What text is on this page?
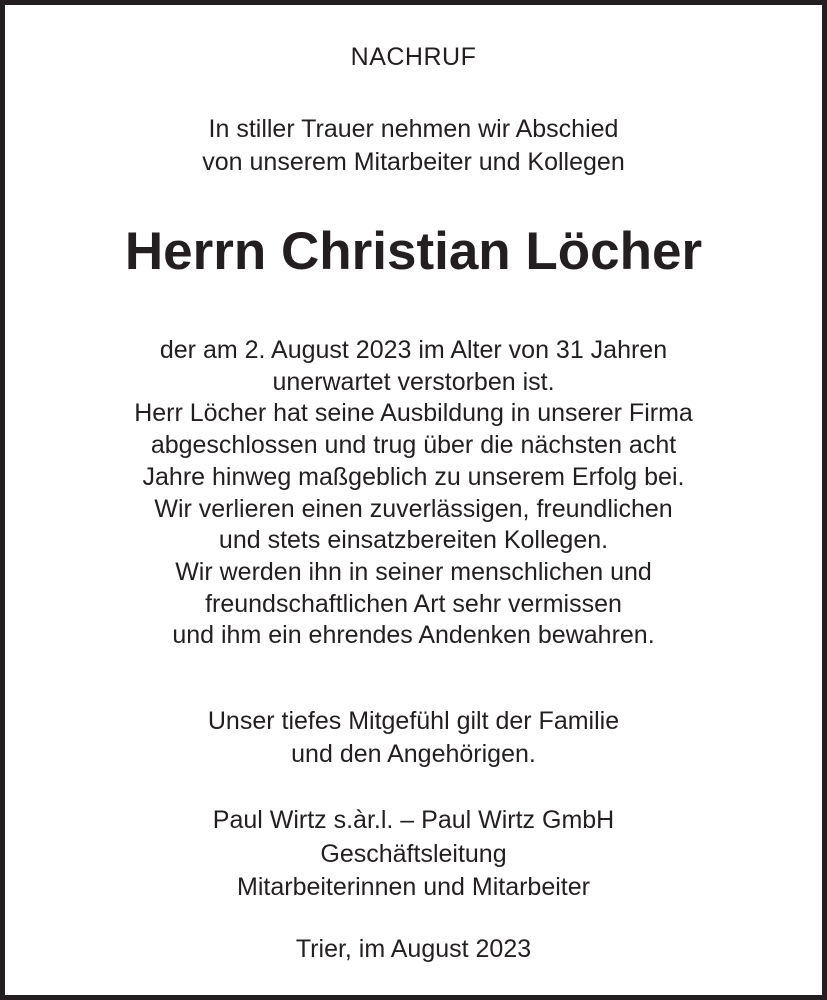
NACHRUF
In stiller Trauer nehmen wir Abschied
von unserem Mitarbeiter und Kollegen
Herrn Christian Löcher
der am 2. August 2023 im Alter von 31 Jahren
unerwartet verstorben ist.
Herr Löcher hat seine Ausbildung in unserer Firma
abgeschlossen und trug über die nächsten acht
Jahre hinweg maßgeblich zu unserem Erfolg bei.
Wir verlieren einen zuverlässigen, freundlichen
und stets einsatzbereiten Kollegen.
Wir werden ihn in seiner menschlichen und
freundschaftlichen Art sehr vermissen
und ihm ein ehrendes Andenken bewahren.
Unser tiefes Mitgefühl gilt der Familie
und den Angehörigen.
Paul Wirtz s.àr.l. – Paul Wirtz GmbH
Geschäftsleitung
Mitarbeiterinnen und Mitarbeiter
Trier, im August 2023
